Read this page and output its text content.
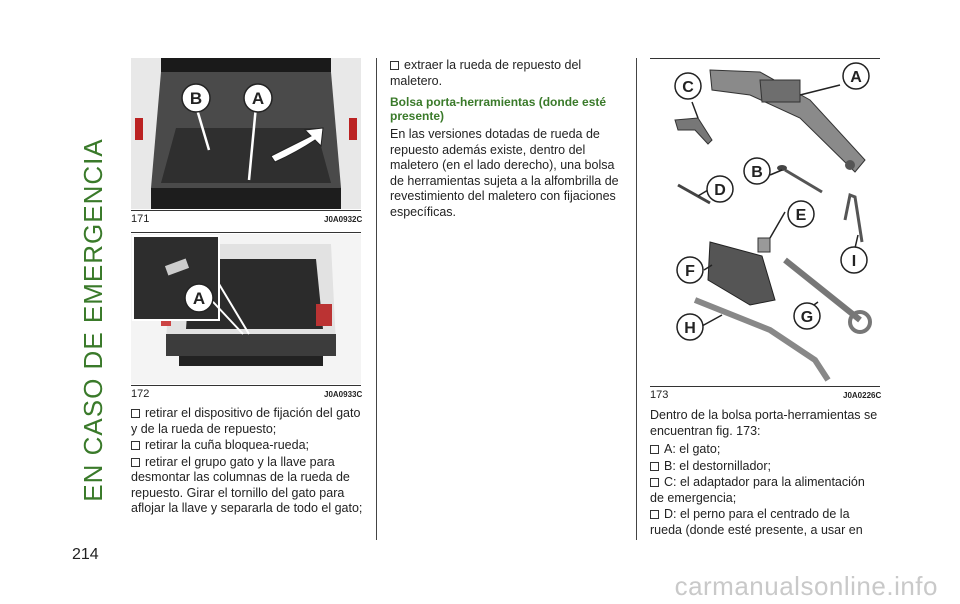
EN CASO DE EMERGENCIA
214
B	A
171	J0A0932C
A
172	J0A0933C

retirar el dispositivo de fijación del gato y de la rueda de repuesto;

retirar la cuña bloquea-rueda;

retirar el grupo gato y la llave para desmontar las columnas de la rueda de repuesto. Girar el tornillo del gato para aflojar la llave y separarla de todo el gato;

extraer la rueda de repuesto del maletero.

Bolsa porta-herramientas (donde esté presente)

En las versiones dotadas de rueda de repuesto además existe, dentro del maletero (en el lado derecho), una bolsa de herramientas sujeta a la alfombrilla de revestimiento del maletero con fijaciones específicas.

C
A
B
D
E
F
I
H
G
173	J0A0226C

Dentro de la bolsa porta-herramientas se encuentran fig. 173:

A: el gato;

B: el destornillador;

C: el adaptador para la alimentación de emergencia;

D: el perno para el centrado de la rueda (donde esté presente, a usar en

carmanualsonline.info
